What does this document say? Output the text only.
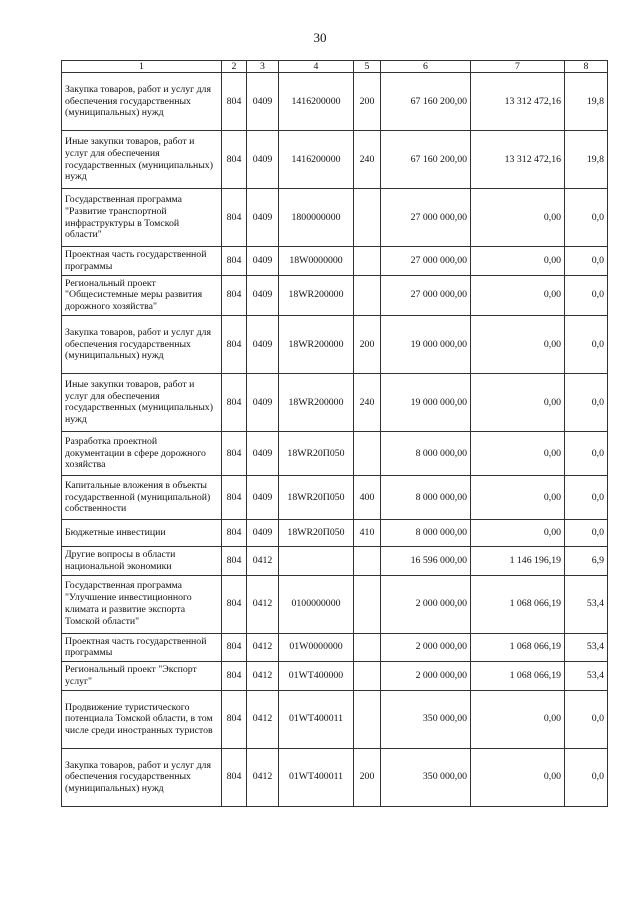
30
1	2	3	4	5	6	7	8
Закупка товаров, работ и услуг для обеспечения государственных (муниципальных) нужд	804	0409	1416200000	200	67 160 200,00	13 312 472,16	19,8
Иные закупки товаров, работ и услуг для обеспечения государственных (муниципальных) нужд	804	0409	1416200000	240	67 160 200,00	13 312 472,16	19,8
Государственная программа "Развитие транспортной инфраструктуры в Томской области"	804	0409	1800000000		27 000 000,00	0,00	0,0
Проектная часть государственной программы	804	0409	18W0000000		27 000 000,00	0,00	0,0
Региональный проект "Общесистемные меры развития дорожного хозяйства"	804	0409	18WR200000		27 000 000,00	0,00	0,0
Закупка товаров, работ и услуг для обеспечения государственных (муниципальных) нужд	804	0409	18WR200000	200	19 000 000,00	0,00	0,0
Иные закупки товаров, работ и услуг для обеспечения государственных (муниципальных) нужд	804	0409	18WR200000	240	19 000 000,00	0,00	0,0
Разработка проектной документации в сфере дорожного хозяйства	804	0409	18WR20П050		8 000 000,00	0,00	0,0
Капитальные вложения в объекты государственной (муниципальной) собственности	804	0409	18WR20П050	400	8 000 000,00	0,00	0,0
Бюджетные инвестиции	804	0409	18WR20П050	410	8 000 000,00	0,00	0,0
Другие вопросы в области национальной экономики	804	0412			16 596 000,00	1 146 196,19	6,9
Государственная программа "Улучшение инвестиционного климата и развитие экспорта Томской области"	804	0412	0100000000		2 000 000,00	1 068 066,19	53,4
Проектная часть государственной программы	804	0412	01W0000000		2 000 000,00	1 068 066,19	53,4
Региональный проект "Экспорт услуг"	804	0412	01WT400000		2 000 000,00	1 068 066,19	53,4
Продвижение туристического потенциала Томской области, в том числе среди иностранных туристов	804	0412	01WT400011		350 000,00	0,00	0,0
Закупка товаров, работ и услуг для обеспечения государственных (муниципальных) нужд	804	0412	01WT400011	200	350 000,00	0,00	0,0
